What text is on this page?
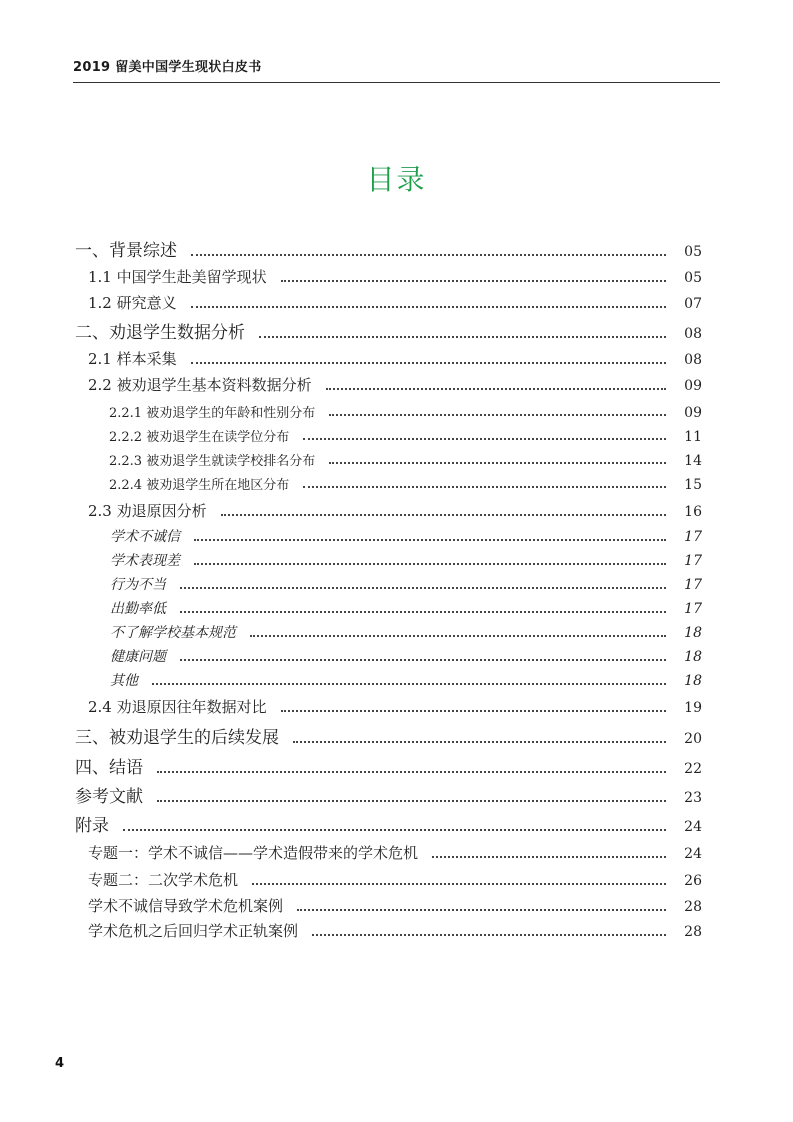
2019 留美中国学生现状白皮书
目录
一、背景综述	05
1.1 中国学生赴美留学现状	05
1.2 研究意义	07
二、劝退学生数据分析	08
2.1 样本采集	08
2.2 被劝退学生基本资料数据分析	09
2.2.1 被劝退学生的年龄和性别分布	09
2.2.2 被劝退学生在读学位分布	11
2.2.3 被劝退学生就读学校排名分布	14
2.2.4 被劝退学生所在地区分布	15
2.3 劝退原因分析	16
学术不诚信	17
学术表现差	17
行为不当	17
出勤率低	17
不了解学校基本规范	18
健康问题	18
其他	18
2.4 劝退原因往年数据对比	19
三、被劝退学生的后续发展	20
四、结语	22
参考文献	23
附录	24
专题一：学术不诚信——学术造假带来的学术危机	24
专题二：二次学术危机	26
学术不诚信导致学术危机案例	28
学术危机之后回归学术正轨案例	28
4
